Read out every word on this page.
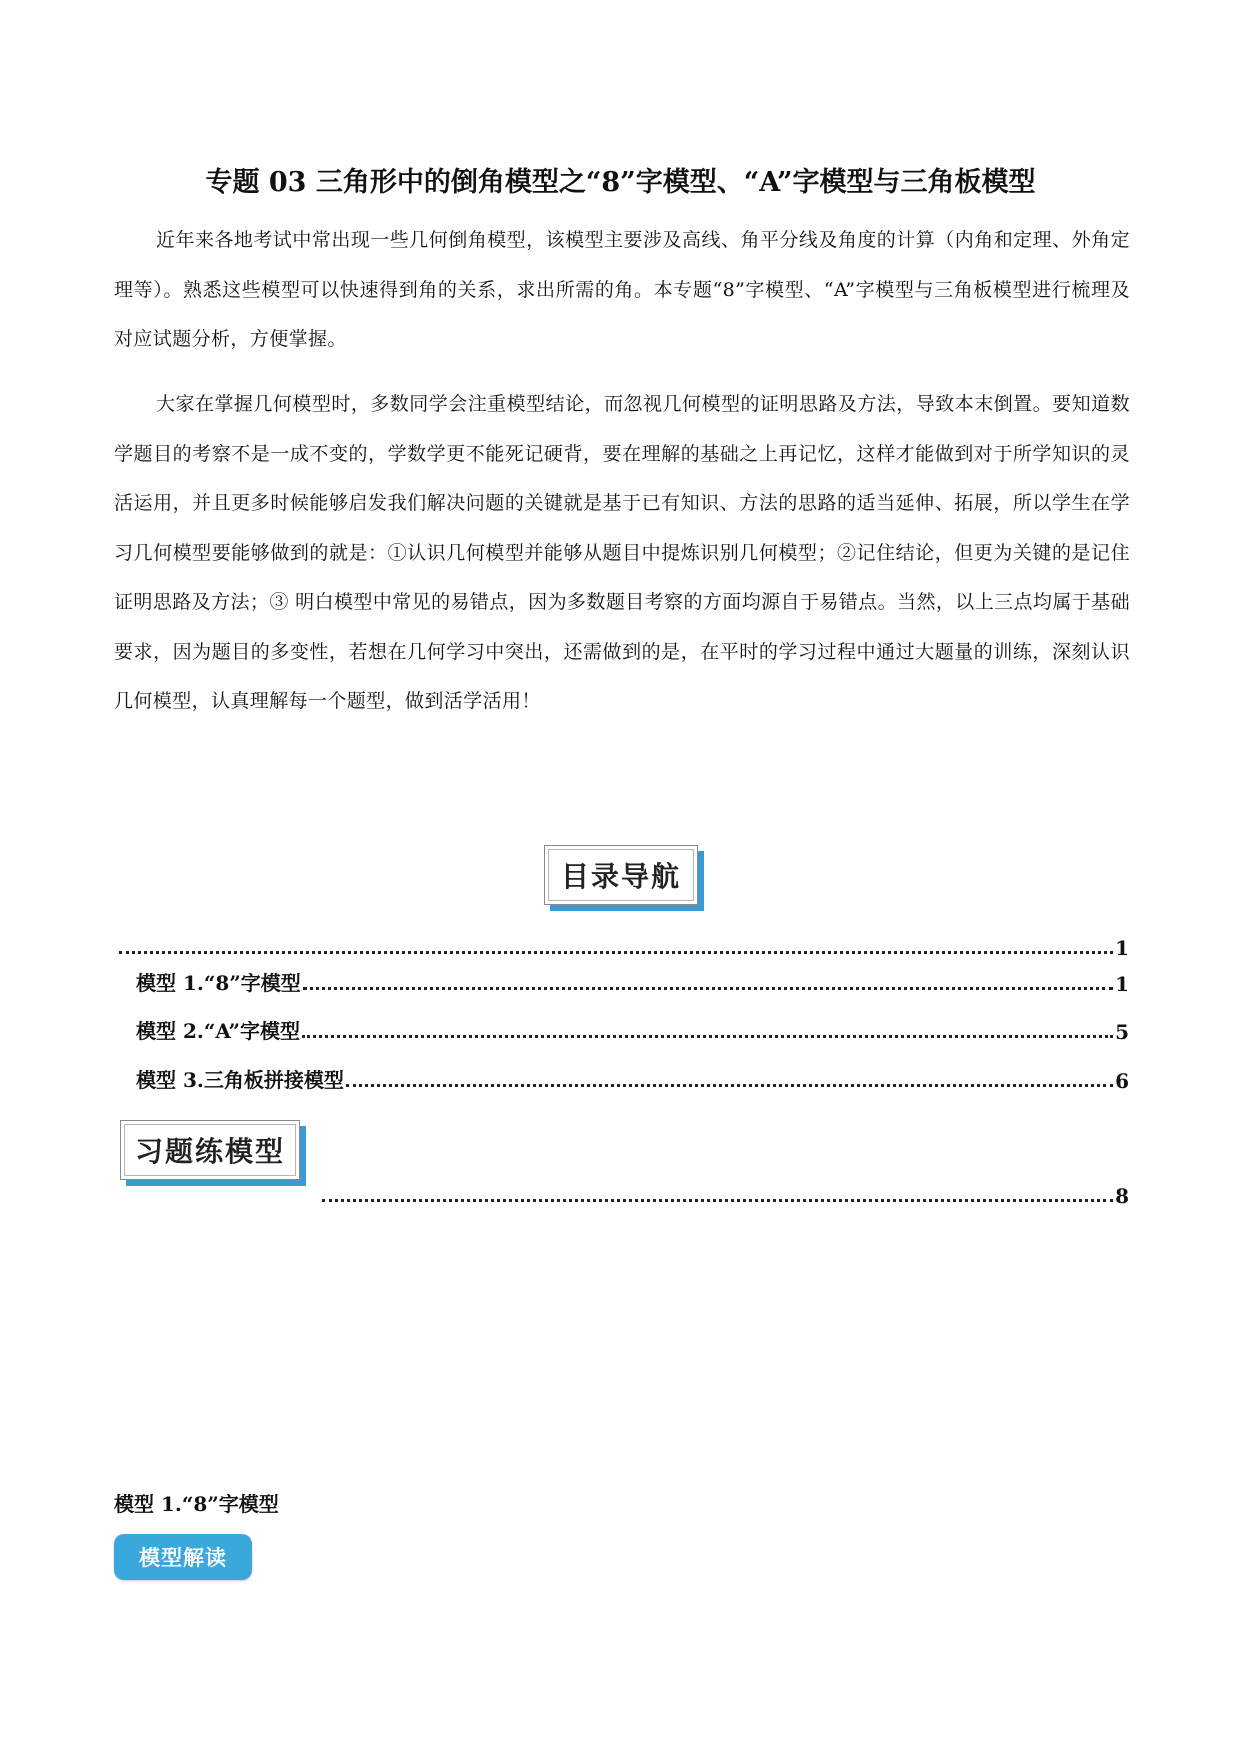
专题 03 三角形中的倒角模型之“8”字模型、“A”字模型与三角板模型
近年来各地考试中常出现一些几何倒角模型，该模型主要涉及高线、角平分线及角度的计算（内角和定理、外角定理等）。熟悉这些模型可以快速得到角的关系，求出所需的角。本专题“8”字模型、“A”字模型与三角板模型进行梳理及对应试题分析，方便掌握。
大家在掌握几何模型时，多数同学会注重模型结论，而忽视几何模型的证明思路及方法，导致本末倒置。要知道数学题目的考察不是一成不变的，学数学更不能死记硬背，要在理解的基础之上再记忆，这样才能做到对于所学知识的灵活运用，并且更多时候能够启发我们解决问题的关键就是基于已有知识、方法的思路的适当延伸、拓展，所以学生在学习几何模型要能够做到的就是：①认识几何模型并能够从题目中提炼识别几何模型；②记住结论，但更为关键的是记住证明思路及方法；③ 明白模型中常见的易错点，因为多数题目考察的方面均源自于易错点。当然，以上三点均属于基础要求，因为题目的多变性，若想在几何学习中突出，还需做到的是，在平时的学习过程中通过大题量的训练，深刻认识几何模型，认真理解每一个题型，做到活学活用！
目录导航
1
模型 1.“8”字模型	1
模型 2.“A”字模型	5
模型 3.三角板拼接模型	6
习题练模型
8
模型 1.“8”字模型
模型解读
